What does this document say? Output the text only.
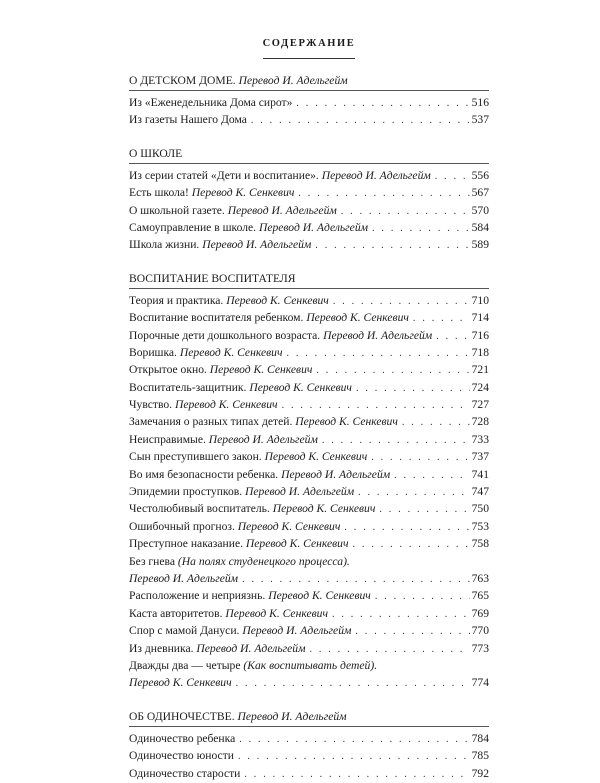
СОДЕРЖАНИЕ
О ДЕТСКОМ ДОМЕ. Перевод И. Адельгейм
Из «Еженедельника Дома сирот» . . .	516
Из газеты Нашего Дома . . .	537
О ШКОЛЕ
Из серии статей «Дети и воспитание». Перевод И. Адельгейм . . .	556
Есть школа! Перевод К. Сенкевич . . .	567
О школьной газете. Перевод И. Адельгейм . . .	570
Самоуправление в школе. Перевод И. Адельгейм . . .	584
Школа жизни. Перевод И. Адельгейм . . .	589
ВОСПИТАНИЕ ВОСПИТАТЕЛЯ
Теория и практика. Перевод К. Сенкевич . . .	710
Воспитание воспитателя ребенком. Перевод К. Сенкевич . . .	714
Порочные дети дошкольного возраста. Перевод И. Адельгейм . . .	716
Воришка. Перевод К. Сенкевич . . .	718
Открытое окно. Перевод К. Сенкевич . . .	721
Воспитатель-защитник. Перевод К. Сенкевич . . .	724
Чувство. Перевод К. Сенкевич . . .	727
Замечания о разных типах детей. Перевод К. Сенкевич . . .	728
Неисправимые. Перевод И. Адельгейм . . .	733
Сын преступившего закон. Перевод К. Сенкевич . . .	737
Во имя безопасности ребенка. Перевод И. Адельгейм . . .	741
Эпидемии проступков. Перевод И. Адельгейм . . .	747
Честолюбивый воспитатель. Перевод К. Сенкевич . . .	750
Ошибочный прогноз. Перевод К. Сенкевич . . .	753
Преступное наказание. Перевод К. Сенкевич . . .	758
Без гнева (На полях студенецкого процесса).
Перевод И. Адельгейм . . .	763
Расположение и неприязнь. Перевод К. Сенкевич . . .	765
Каста авторитетов. Перевод К. Сенкевич . . .	769
Спор с мамой Дануси. Перевод И. Адельгейм . . .	770
Из дневника. Перевод И. Адельгейм . . .	773
Дважды два — четыре (Как воспитывать детей).
Перевод К. Сенкевич . . .	774
ОБ ОДИНОЧЕСТВЕ. Перевод И. Адельгейм
Одиночество ребенка . . .	784
Одиночество юности . . .	785
Одиночество старости . . .	792
